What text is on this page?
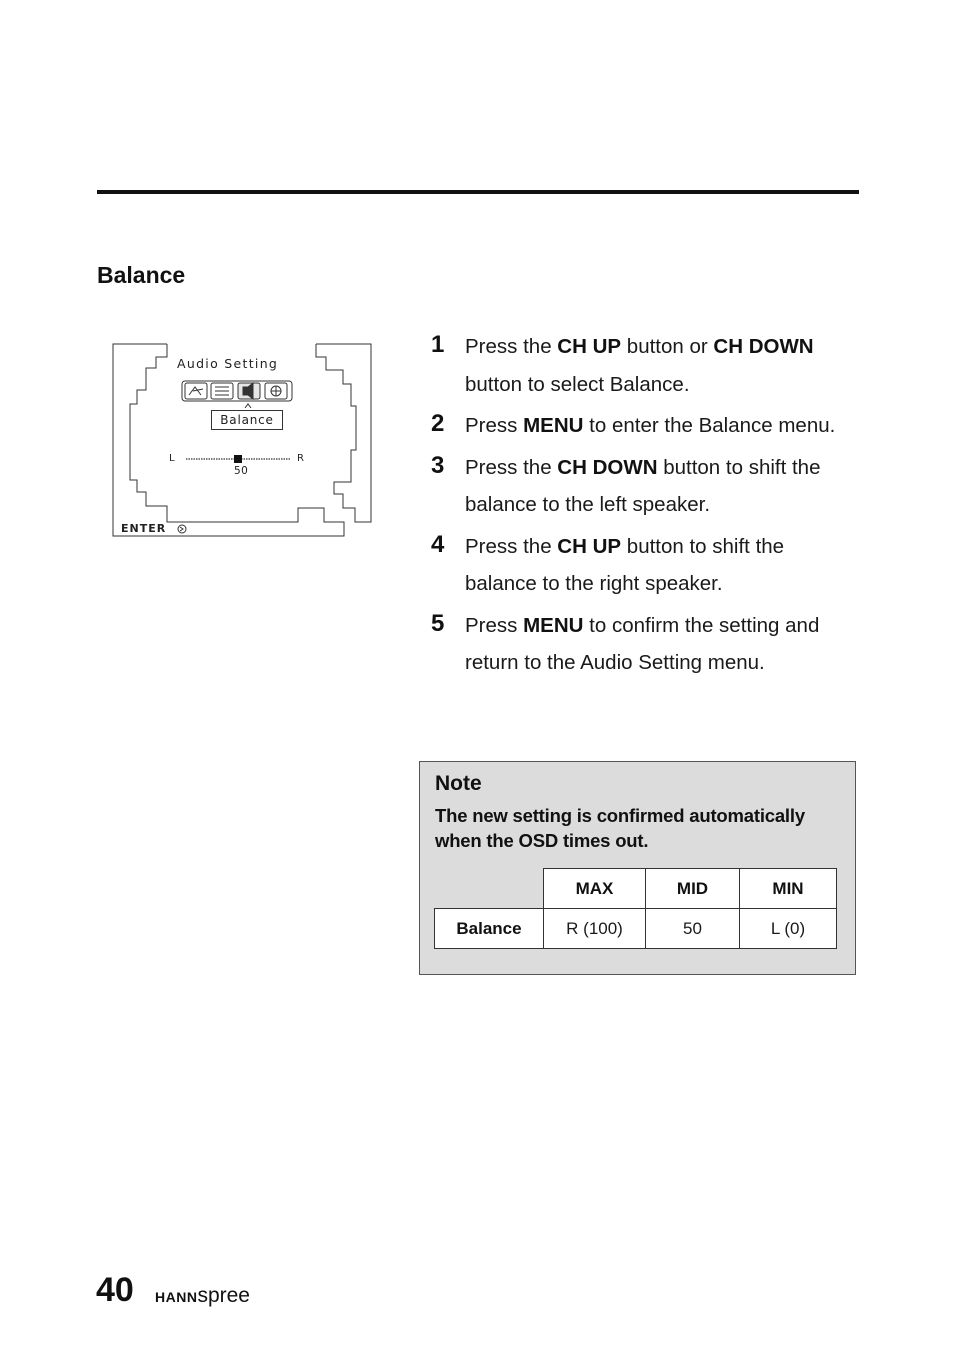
Balance
Audio Setting
Balance
L	R
50
ENTER
1 Press the CH UP button or CH DOWN button to select Balance.
2 Press MENU to enter the Balance menu.
3 Press the CH DOWN button to shift the balance to the left speaker.
4 Press the CH UP button to shift the balance to the right speaker.
5 Press MENU to confirm the setting and return to the Audio Setting menu.
Note
The new setting is confirmed automatically when the OSD times out.
	MAX	MID	MIN
Balance	R (100)	50	L (0)
40 HANNspree
